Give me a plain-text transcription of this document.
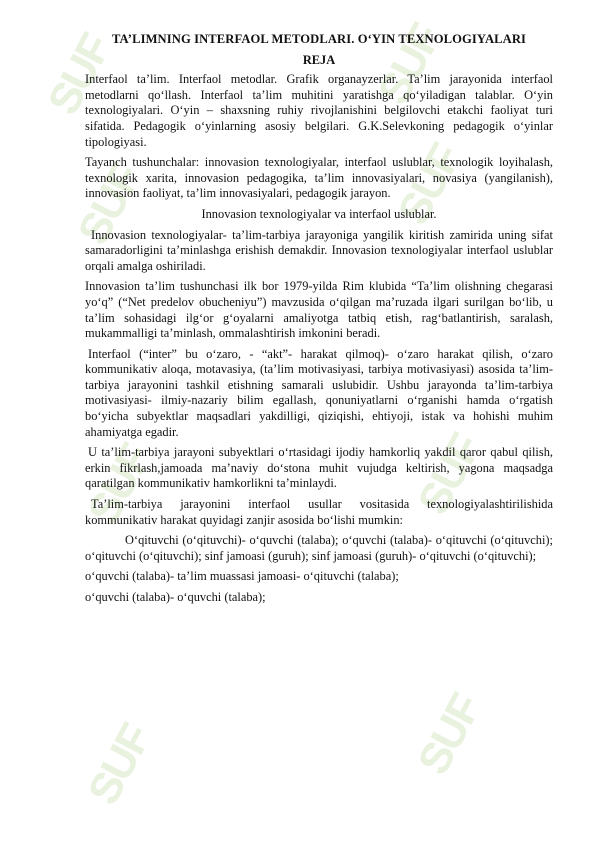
SUF	SUF
SUF	SUF
SUF	SUF
SUF	SUF
TA’LIMNING INTERFAOL METODLARI. O‘YIN TEXNOLOGIYALARI
REJA

Interfaol ta’lim. Interfaol metodlar. Grafik organayzerlar. Ta’lim jarayonida interfaol metodlarni qo‘llash. Interfaol ta’lim muhitini yaratishga qo‘yiladigan talablar. O‘yin texnologiyalari. O‘yin – shaxsning ruhiy rivojlanishini belgilovchi etakchi faoliyat turi sifatida. Pedagogik o‘yinlarning asosiy belgilari. G.K.Selevkoning pedagogik o‘yinlar tipologiyasi.

Tayanch tushunchalar: innovasion texnologiyalar, interfaol uslublar, texnologik loyihalash, texnologik xarita, innovasion pedagogika, ta’lim innovasiyalari, novasiya (yangilanish), innovasion faoliyat, ta’lim innovasiyalari, pedagogik jarayon.

Innovasion texnologiyalar va interfaol uslublar.

Innovasion texnologiyalar- ta’lim-tarbiya jarayoniga yangilik kiritish zamirida uning sifat samaradorligini ta’minlashga erishish demakdir. Innovasion texnologiyalar interfaol uslublar orqali amalga oshiriladi.

Innovasion ta’lim tushunchasi ilk bor 1979-yilda Rim klubida “Ta’lim olishning chegarasi yo‘q” (“Net predelov obucheniyu”) mavzusida o‘qilgan ma’ruzada ilgari surilgan bo‘lib, u ta’lim sohasidagi ilg‘or g‘oyalarni amaliyotga tatbiq etish, rag‘batlantirish, saralash, mukammalligi ta’minlash, ommalashtirish imkonini beradi.

Interfaol (“inter” bu o‘zaro, - “akt”- harakat qilmoq)- o‘zaro harakat qilish, o‘zaro kommunikativ aloqa, motavasiya, (ta’lim motivasiyasi, tarbiya motivasiyasi) asosida ta’lim-tarbiya jarayonini tashkil etishning samarali uslubidir. Ushbu jarayonda ta’lim-tarbiya motivasiyasi- ilmiy-nazariy bilim egallash, qonuniyatlarni o‘rganishi hamda o‘rgatish bo‘yicha subyektlar maqsadlari yakdilligi, qiziqishi, ehtiyoji, istak va hohishi muhim ahamiyatga egadir.

U ta’lim-tarbiya jarayoni subyektlari o‘rtasidagi ijodiy hamkorliq yakdil qaror qabul qilish, erkin fikrlash,jamoada ma’naviy do‘stona muhit vujudga keltirish, yagona maqsadga qaratilgan kommunikativ hamkorlikni ta’minlaydi.

Ta’lim-tarbiya jarayonini interfaol usullar vositasida texnologiyalashtirilishida kommunikativ harakat quyidagi zanjir asosida bo‘lishi mumkin:

O‘qituvchi (o‘qituvchi)- o‘quvchi (talaba); o‘quvchi (talaba)- o‘qituvchi (o‘qituvchi); o‘qituvchi (o‘qituvchi); sinf jamoasi (guruh); sinf jamoasi (guruh)- o‘qituvchi (o‘qituvchi);

o‘quvchi (talaba)- ta’lim muassasi jamoasi- o‘qituvchi (talaba);

o‘quvchi (talaba)- o‘quvchi (talaba);
